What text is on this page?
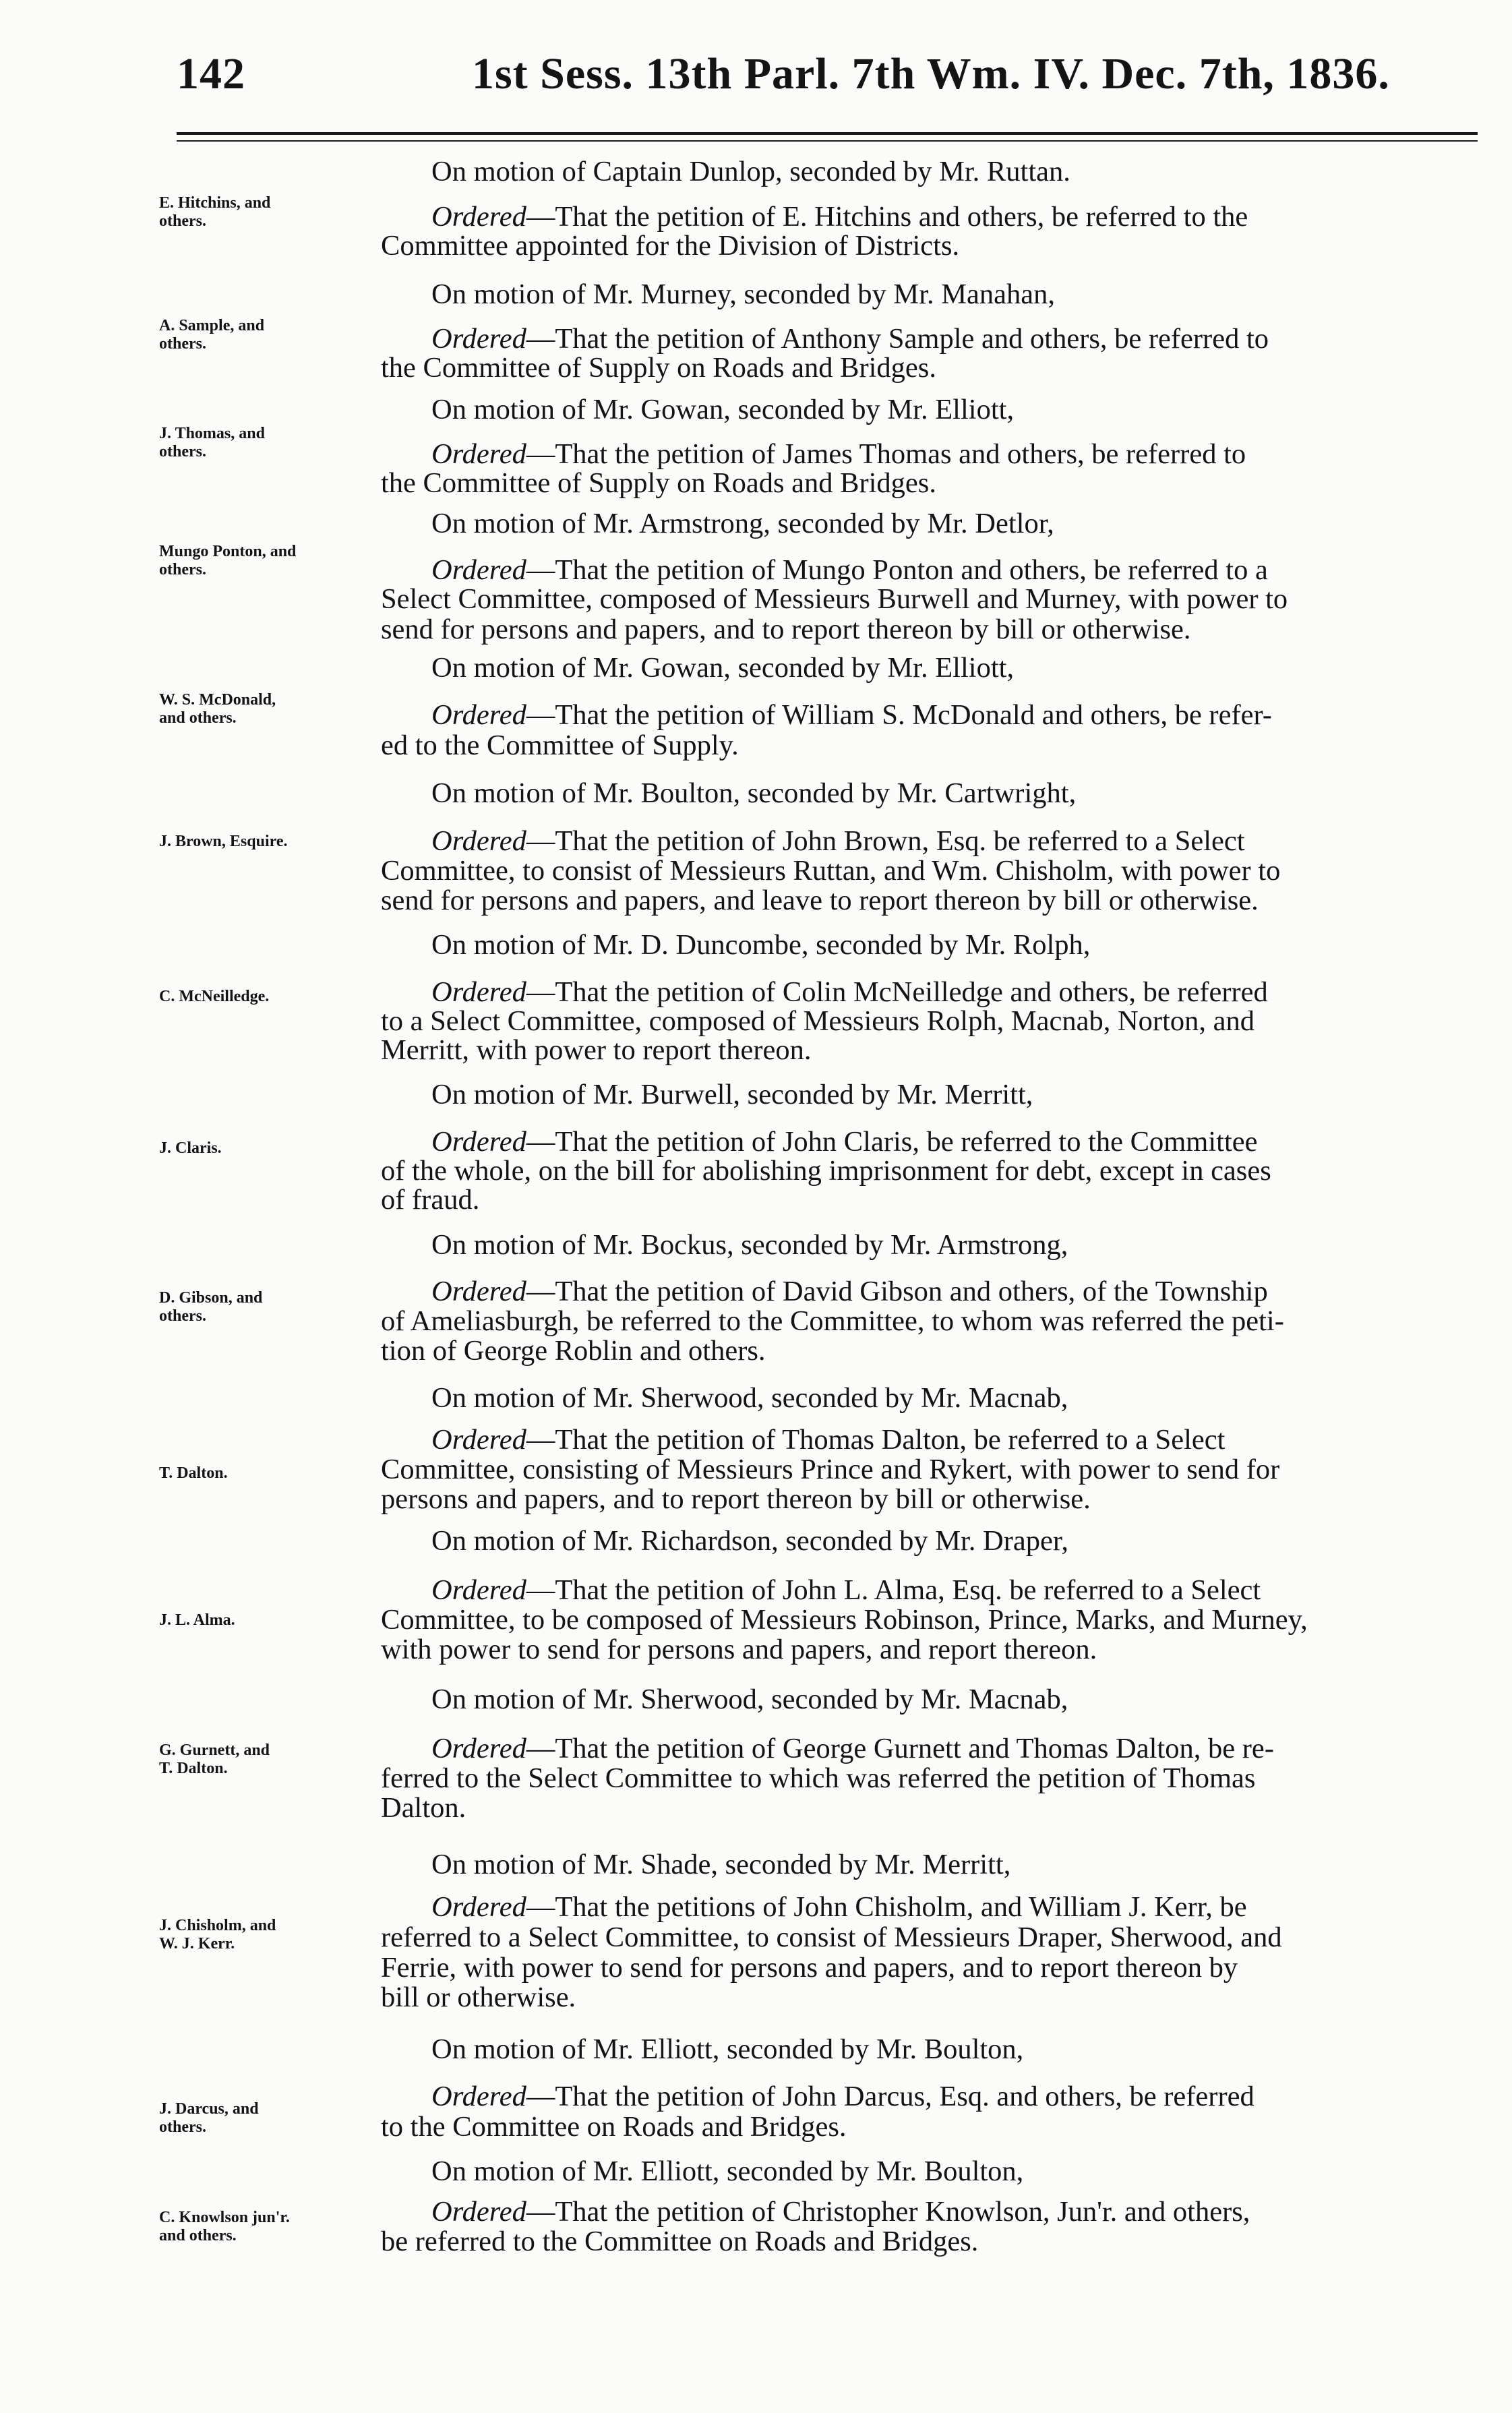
142	1st Sess. 13th Parl. 7th Wm. IV. Dec. 7th, 1836.
E. Hitchins, and
others.
On motion of Captain Dunlop, seconded by Mr. Ruttan.
Ordered—That the petition of E. Hitchins and others, be referred to the
Committee appointed for the Division of Districts.
A. Sample, and
others.
On motion of Mr. Murney, seconded by Mr. Manahan,
Ordered—That the petition of Anthony Sample and others, be referred to
the Committee of Supply on Roads and Bridges.
J. Thomas, and
others.
On motion of Mr. Gowan, seconded by Mr. Elliott,
Ordered—That the petition of James Thomas and others, be referred to
the Committee of Supply on Roads and Bridges.
Mungo Ponton, and
others.
On motion of Mr. Armstrong, seconded by Mr. Detlor,
Ordered—That the petition of Mungo Ponton and others, be referred to a
Select Committee, composed of Messieurs Burwell and Murney, with power to
send for persons and papers, and to report thereon by bill or otherwise.
W. S. McDonald,
and others.
On motion of Mr. Gowan, seconded by Mr. Elliott,
Ordered—That the petition of William S. McDonald and others, be refer-
ed to the Committee of Supply.
J. Brown, Esquire.
On motion of Mr. Boulton, seconded by Mr. Cartwright,
Ordered—That the petition of John Brown, Esq. be referred to a Select
Committee, to consist of Messieurs Ruttan, and Wm. Chisholm, with power to
send for persons and papers, and leave to report thereon by bill or otherwise.
C. McNeilledge.
On motion of Mr. D. Duncombe, seconded by Mr. Rolph,
Ordered—That the petition of Colin McNeilledge and others, be referred
to a Select Committee, composed of Messieurs Rolph, Macnab, Norton, and
Merritt, with power to report thereon.
J. Claris.
On motion of Mr. Burwell, seconded by Mr. Merritt,
Ordered—That the petition of John Claris, be referred to the Committee
of the whole, on the bill for abolishing imprisonment for debt, except in cases
of fraud.
D. Gibson, and
others.
On motion of Mr. Bockus, seconded by Mr. Armstrong,
Ordered—That the petition of David Gibson and others, of the Township
of Ameliasburgh, be referred to the Committee, to whom was referred the peti-
tion of George Roblin and others.
T. Dalton.
On motion of Mr. Sherwood, seconded by Mr. Macnab,
Ordered—That the petition of Thomas Dalton, be referred to a Select
Committee, consisting of Messieurs Prince and Rykert, with power to send for
persons and papers, and to report thereon by bill or otherwise.
J. L. Alma.
On motion of Mr. Richardson, seconded by Mr. Draper,
Ordered—That the petition of John L. Alma, Esq. be referred to a Select
Committee, to be composed of Messieurs Robinson, Prince, Marks, and Murney,
with power to send for persons and papers, and report thereon.
G. Gurnett, and
T. Dalton.
On motion of Mr. Sherwood, seconded by Mr. Macnab,
Ordered—That the petition of George Gurnett and Thomas Dalton, be re-
ferred to the Select Committee to which was referred the petition of Thomas
Dalton.
J. Chisholm, and
W. J. Kerr.
On motion of Mr. Shade, seconded by Mr. Merritt,
Ordered—That the petitions of John Chisholm, and William J. Kerr, be
referred to a Select Committee, to consist of Messieurs Draper, Sherwood, and
Ferrie, with power to send for persons and papers, and to report thereon by
bill or otherwise.
J. Darcus, and
others.
On motion of Mr. Elliott, seconded by Mr. Boulton,
Ordered—That the petition of John Darcus, Esq. and others, be referred
to the Committee on Roads and Bridges.
C. Knowlson jun'r.
and others.
On motion of Mr. Elliott, seconded by Mr. Boulton,
Ordered—That the petition of Christopher Knowlson, Jun'r. and others,
be referred to the Committee on Roads and Bridges.
